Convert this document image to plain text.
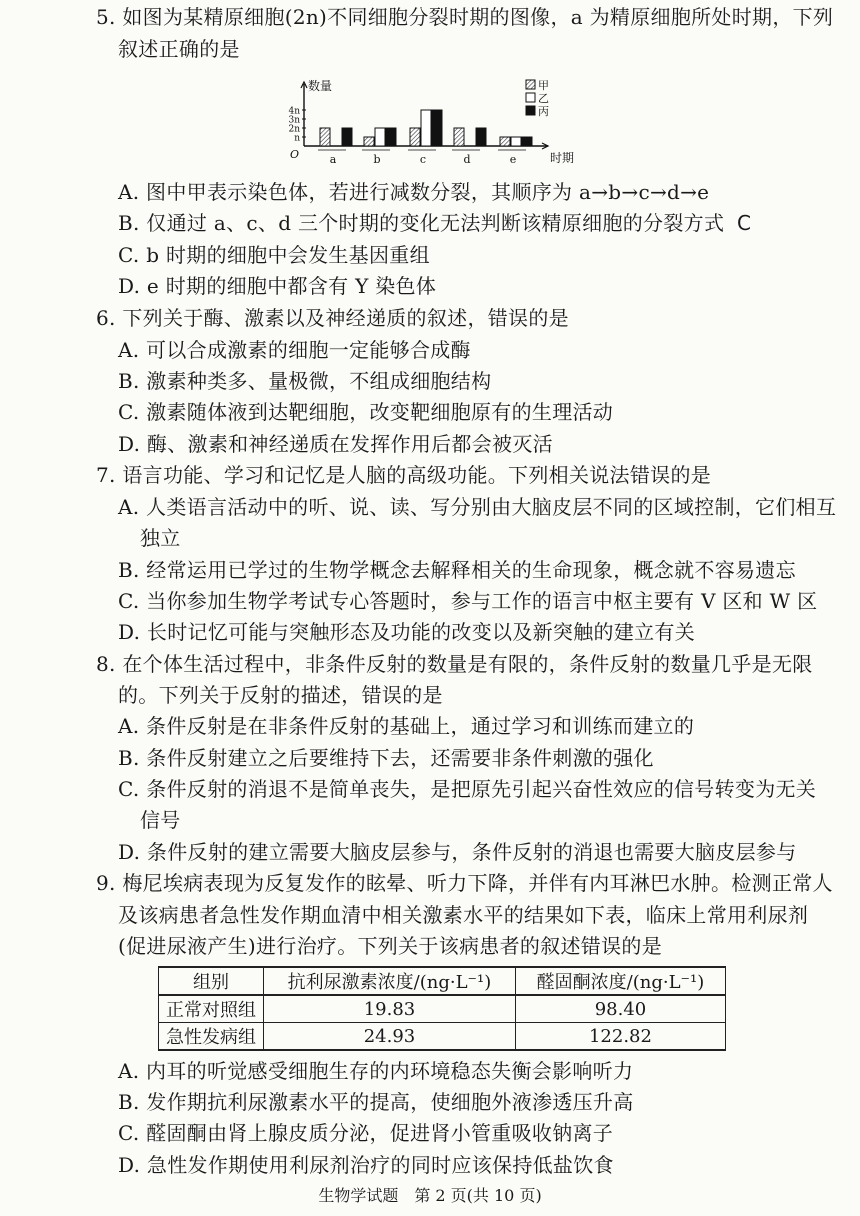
5. 如图为某精原细胞(2n)不同细胞分裂时期的图像，a 为精原细胞所处时期，下列
叙述正确的是
数量
时期
O
n
2n
3n
4n
a	b	c	d	e
甲
乙
丙
A. 图中甲表示染色体，若进行减数分裂，其顺序为 a→b→c→d→e
B. 仅通过 a、c、d 三个时期的变化无法判断该精原细胞的分裂方式 C
C. b 时期的细胞中会发生基因重组
D. e 时期的细胞中都含有 Y 染色体
6. 下列关于酶、激素以及神经递质的叙述，错误的是
A. 可以合成激素的细胞一定能够合成酶
B. 激素种类多、量极微，不组成细胞结构
C. 激素随体液到达靶细胞，改变靶细胞原有的生理活动
D. 酶、激素和神经递质在发挥作用后都会被灭活
7. 语言功能、学习和记忆是人脑的高级功能。下列相关说法错误的是
A. 人类语言活动中的听、说、读、写分别由大脑皮层不同的区域控制，它们相互
独立
B. 经常运用已学过的生物学概念去解释相关的生命现象，概念就不容易遗忘
C. 当你参加生物学考试专心答题时，参与工作的语言中枢主要有 V 区和 W 区
D. 长时记忆可能与突触形态及功能的改变以及新突触的建立有关
8. 在个体生活过程中，非条件反射的数量是有限的，条件反射的数量几乎是无限
的。下列关于反射的描述，错误的是
A. 条件反射是在非条件反射的基础上，通过学习和训练而建立的
B. 条件反射建立之后要维持下去，还需要非条件刺激的强化
C. 条件反射的消退不是简单丧失，是把原先引起兴奋性效应的信号转变为无关
信号
D. 条件反射的建立需要大脑皮层参与，条件反射的消退也需要大脑皮层参与
9. 梅尼埃病表现为反复发作的眩晕、听力下降，并伴有内耳淋巴水肿。检测正常人
及该病患者急性发作期血清中相关激素水平的结果如下表，临床上常用利尿剂
(促进尿液产生)进行治疗。下列关于该病患者的叙述错误的是
组别	抗利尿激素浓度/(ng·L⁻¹)	醛固酮浓度/(ng·L⁻¹)
正常对照组	19.83	98.40
急性发病组	24.93	122.82
A. 内耳的听觉感受细胞生存的内环境稳态失衡会影响听力
B. 发作期抗利尿激素水平的提高，使细胞外液渗透压升高
C. 醛固酮由肾上腺皮质分泌，促进肾小管重吸收钠离子
D. 急性发作期使用利尿剂治疗的同时应该保持低盐饮食
生物学试题　第 2 页(共 10 页)
